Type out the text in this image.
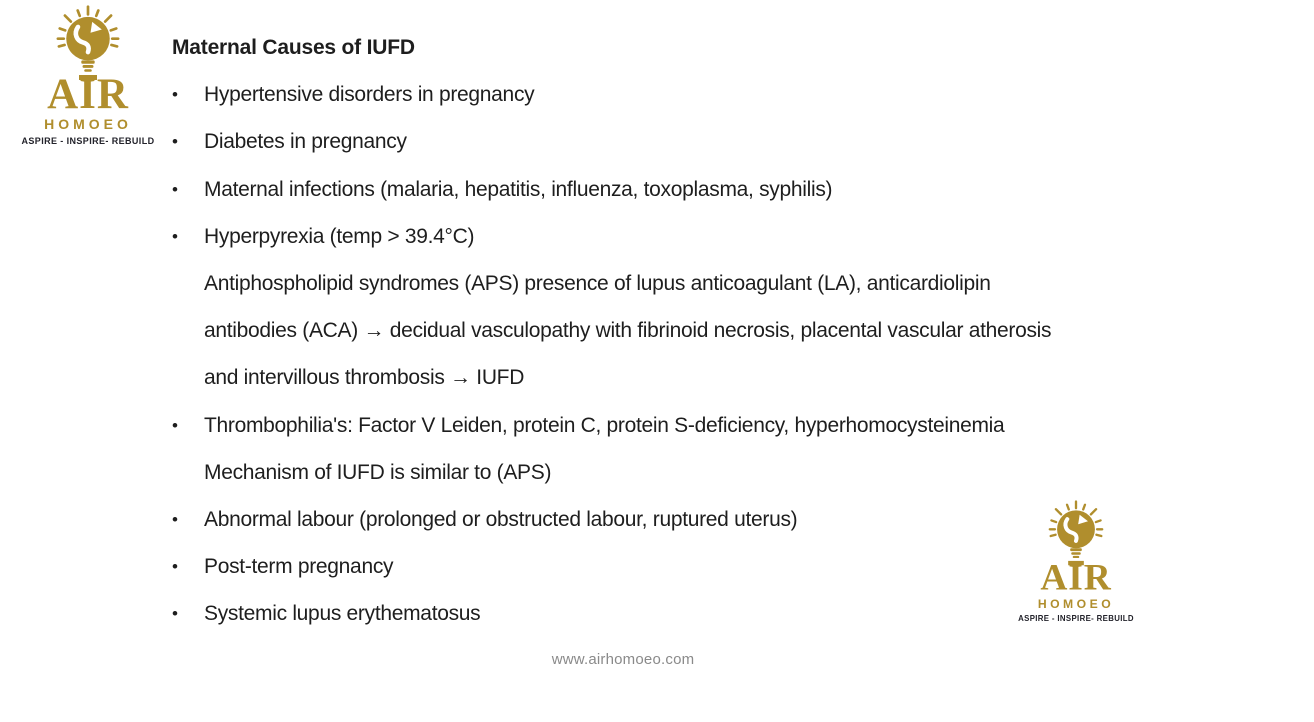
AIR
HOMOEO
ASPIRE - INSPIRE- REBUILD
Maternal Causes of IUFD
•	Hypertensive disorders in pregnancy
•	Diabetes in pregnancy
•	Maternal infections (malaria, hepatitis, influenza, toxoplasma, syphilis)
•	Hyperpyrexia (temp > 39.4°C)
Antiphospholipid syndromes (APS) presence of lupus anticoagulant (LA), anticardiolipin
antibodies (ACA) → decidual vasculopathy with fibrinoid necrosis, placental vascular atherosis
and intervillous thrombosis → IUFD
•	Thrombophilia's: Factor V Leiden, protein C, protein S-deficiency, hyperhomocysteinemia
Mechanism of IUFD is similar to (APS)
•	Abnormal labour (prolonged or obstructed labour, ruptured uterus)
•	Post-term pregnancy
•	Systemic lupus erythematosus
AIR
HOMOEO
ASPIRE - INSPIRE- REBUILD
www.airhomoeo.com
